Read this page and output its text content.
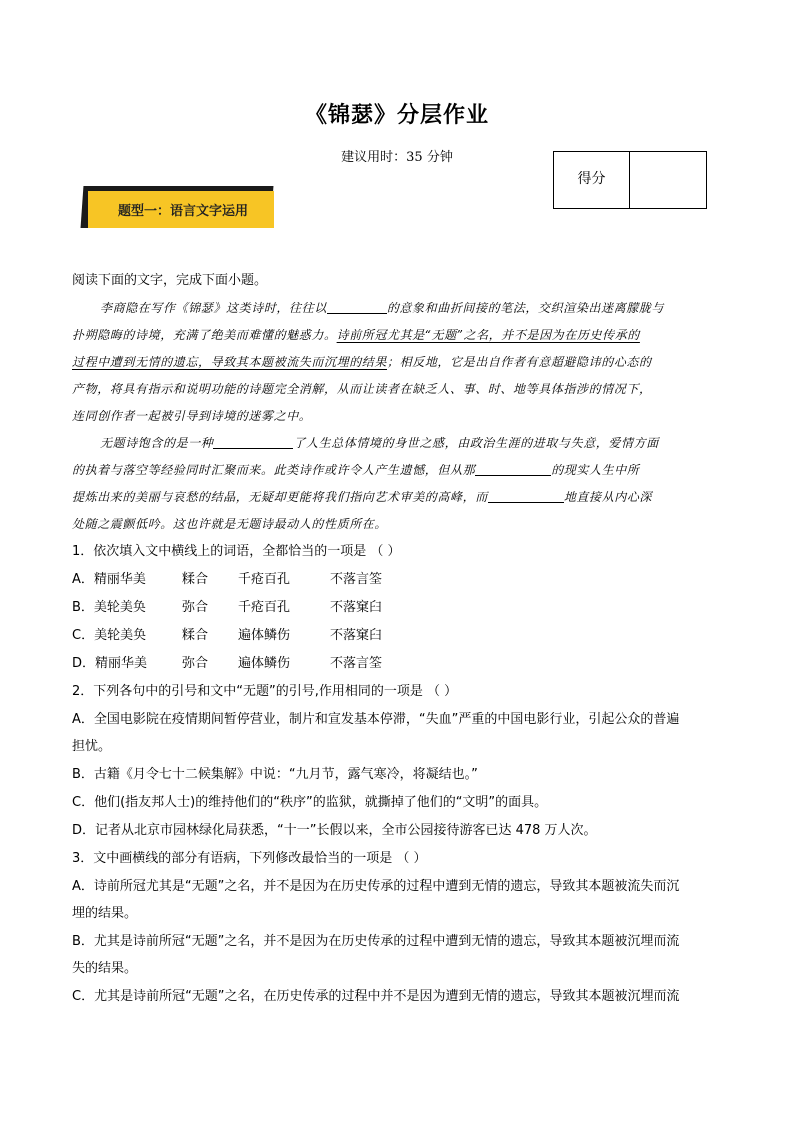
《锦瑟》分层作业
建议用时：35 分钟
得分
题型一：语言文字运用
阅读下面的文字，完成下面小题。
李商隐在写作《锦瑟》这类诗时，往往以	的意象和曲折间接的笔法，交织渲染出迷离朦胧与
扑朔隐晦的诗境，充满了绝美而难懂的魅惑力。诗前所冠尤其是“无题”之名，并不是因为在历史传承的
过程中遭到无情的遗忘，导致其本题被流失而沉埋的结果；相反地，它是出自作者有意超避隐讳的心态的
产物，将具有指示和说明功能的诗题完全消解，从而让读者在缺乏人、事、时、地等具体指涉的情况下，
连同创作者一起被引导到诗境的迷雾之中。
无题诗饱含的是一种	了人生总体情境的身世之感，由政治生涯的进取与失意，爱情方面
的执着与落空等经验同时汇聚而来。此类诗作或许令人产生遗憾，但从那	的现实人生中所
提炼出来的美丽与哀愁的结晶，无疑却更能将我们指向艺术审美的高峰，而	地直接从内心深
处随之震颤低吟。这也许就是无题诗最动人的性质所在。
1．依次填入文中横线上的词语，全都恰当的一项是 （ ）
A．精丽华美	糅合 千疮百孔	不落言筌
B．美轮美奂	弥合 千疮百孔	不落窠臼
C．美轮美奂	糅合 遍体鳞伤	不落窠臼
D．精丽华美	弥合 遍体鳞伤	不落言筌
2．下列各句中的引号和文中“无题”的引号,作用相同的一项是 （ ）
A．全国电影院在疫情期间暂停营业，制片和宣发基本停滞，“失血”严重的中国电影行业，引起公众的普遍
担忧。
B．古籍《月令七十二候集解》中说：“九月节，露气寒冷，将凝结也。”
C．他们(指友邦人士)的维持他们的“秩序”的监狱，就撕掉了他们的“文明”的面具。
D．记者从北京市园林绿化局获悉，“十一”长假以来，全市公园接待游客已达 478 万人次。
3．文中画横线的部分有语病，下列修改最恰当的一项是 （ ）
A．诗前所冠尤其是“无题”之名，并不是因为在历史传承的过程中遭到无情的遗忘，导致其本题被流失而沉
埋的结果。
B．尤其是诗前所冠“无题”之名，并不是因为在历史传承的过程中遭到无情的遗忘，导致其本题被沉埋而流
失的结果。
C．尤其是诗前所冠“无题”之名，在历史传承的过程中并不是因为遭到无情的遗忘，导致其本题被沉埋而流
